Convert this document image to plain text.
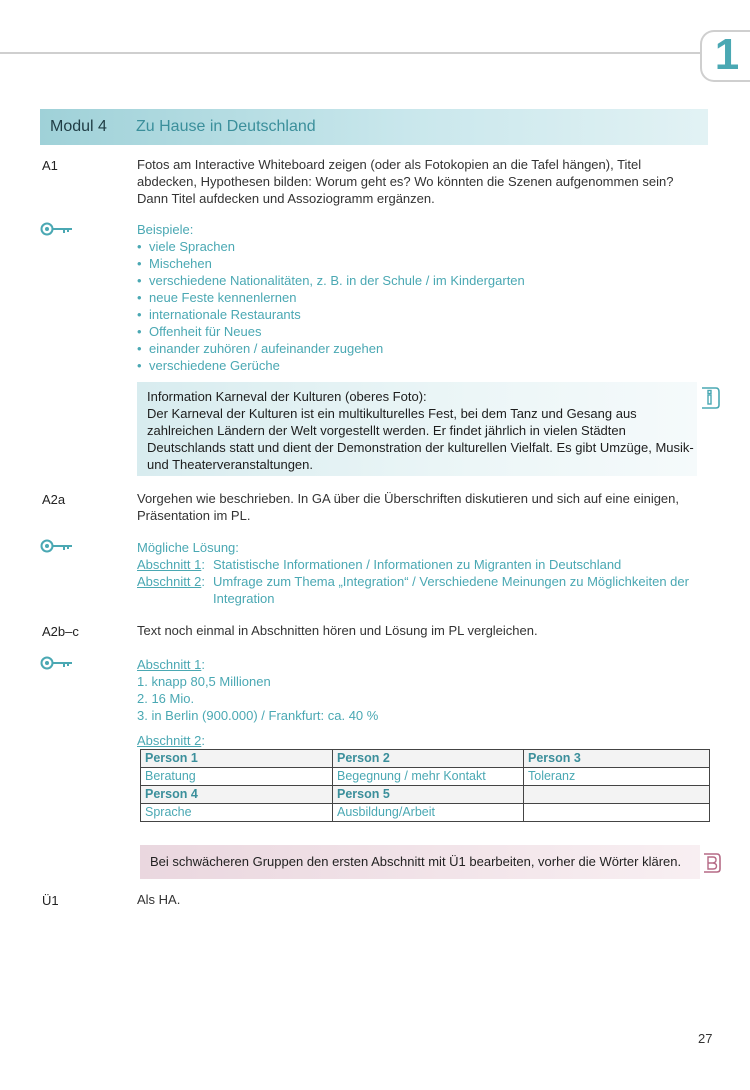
1
Modul 4 Zu Hause in Deutschland
A1	Fotos am Interactive Whiteboard zeigen (oder als Fotokopien an die Tafel hängen), Titel abdecken, Hypothesen bilden: Worum geht es? Wo könnten die Szenen aufgenommen sein? Dann Titel aufdecken und Assoziogramm ergänzen.
Beispiele:
• viele Sprachen
• Mischehen
• verschiedene Nationalitäten, z. B. in der Schule / im Kindergarten
• neue Feste kennenlernen
• internationale Restaurants
• Offenheit für Neues
• einander zuhören / aufeinander zugehen
• verschiedene Gerüche
Information Karneval der Kulturen (oberes Foto):
Der Karneval der Kulturen ist ein multikulturelles Fest, bei dem Tanz und Gesang aus zahlreichen Ländern der Welt vorgestellt werden. Er findet jährlich in vielen Städten Deutschlands statt und dient der Demonstration der kulturellen Vielfalt. Es gibt Umzüge, Musik- und Theaterveranstaltungen.
A2a	Vorgehen wie beschrieben. In GA über die Überschriften diskutieren und sich auf eine einigen, Präsentation im PL.
Mögliche Lösung:
Abschnitt 1: Statistische Informationen / Informationen zu Migranten in Deutschland
Abschnitt 2: Umfrage zum Thema „Integration“ / Verschiedene Meinungen zu Möglichkeiten der Integration
A2b–c	Text noch einmal in Abschnitten hören und Lösung im PL vergleichen.
Abschnitt 1:
1. knapp 80,5 Millionen
2. 16 Mio.
3. in Berlin (900.000) / Frankfurt: ca. 40 %
Abschnitt 2:
Person 1	Person 2	Person 3
Beratung	Begegnung / mehr Kontakt	Toleranz
Person 4	Person 5	
Sprache	Ausbildung/Arbeit	
Bei schwächeren Gruppen den ersten Abschnitt mit Ü1 bearbeiten, vorher die Wörter klären.
Ü1	Als HA.
27
